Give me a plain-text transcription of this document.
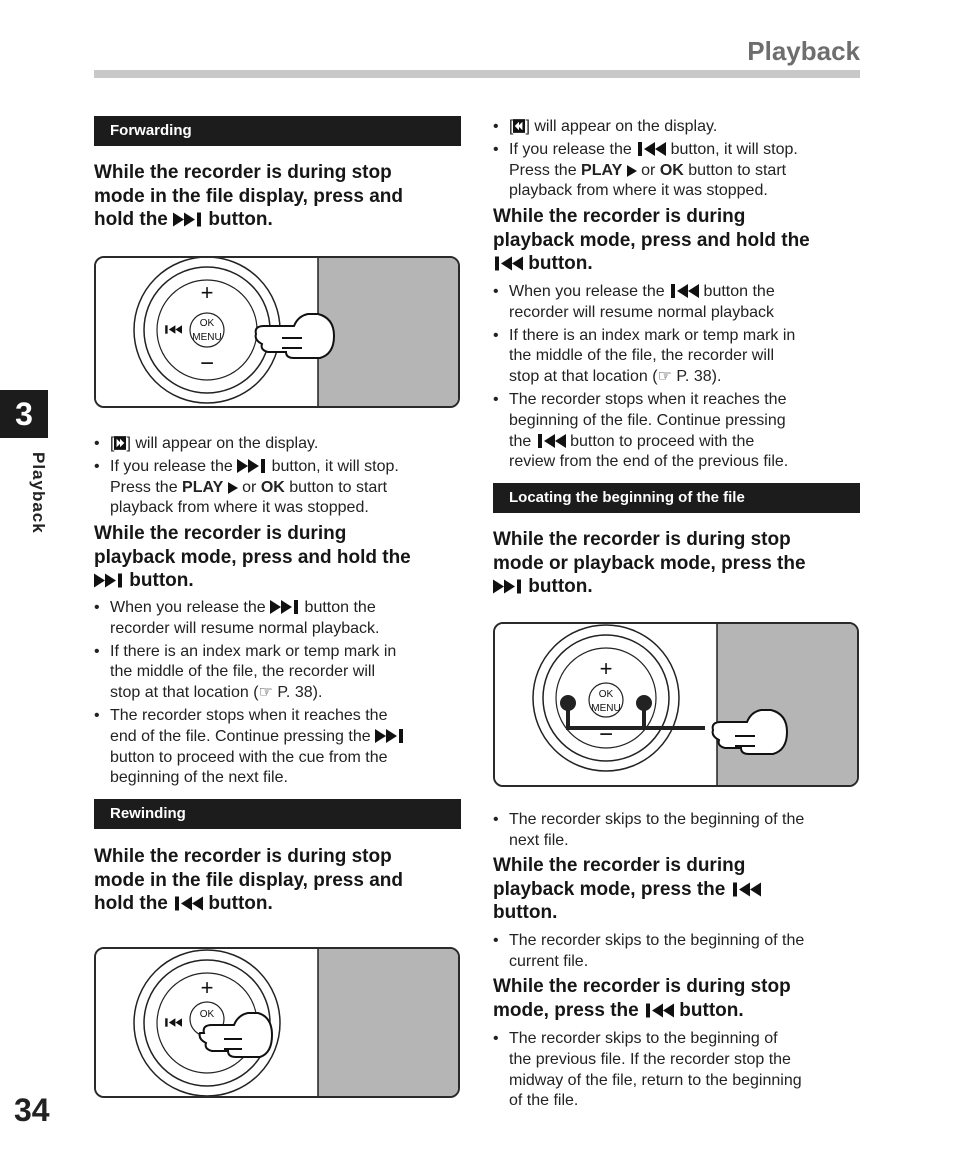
Playback
3
Playback
34
Forwarding
While the recorder is during stop
mode in the file display, press and
hold the  button.
+
−
OK
MENU
• [ ] will appear on the display.
• If you release the  button, it will stop.
Press the PLAY  or OK button to start
playback from where it was stopped.
While the recorder is during
playback mode, press and hold the
button.
• When you release the  button the
recorder will resume normal playback.
• If there is an index mark or temp mark in
the middle of the file, the recorder will
stop at that location (☞ P. 38).
• The recorder stops when it reaches the
end of the file. Continue pressing the
button to proceed with the cue from the
beginning of the next file.
Rewinding
While the recorder is during stop
mode in the file display, press and
hold the  button.
+
OK
• [ ] will appear on the display.
• If you release the  button, it will stop.
Press the PLAY  or OK button to start
playback from where it was stopped.
While the recorder is during
playback mode, press and hold the
button.
• When you release the  button the
recorder will resume normal playback
• If there is an index mark or temp mark in
the middle of the file, the recorder will
stop at that location (☞ P. 38).
• The recorder stops when it reaches the
beginning of the file. Continue pressing
the  button to proceed with the
review from the end of the previous file.
Locating the beginning of the file
While the recorder is during stop
mode or playback mode, press the
button.
+
−
OK
MENU
• The recorder skips to the beginning of the
next file.
While the recorder is during
playback mode, press the
button.
• The recorder skips to the beginning of the
current file.
While the recorder is during stop
mode, press the  button.
• The recorder skips to the beginning of
the previous file. If the recorder stop the
midway of the file, return to the beginning
of the file.
